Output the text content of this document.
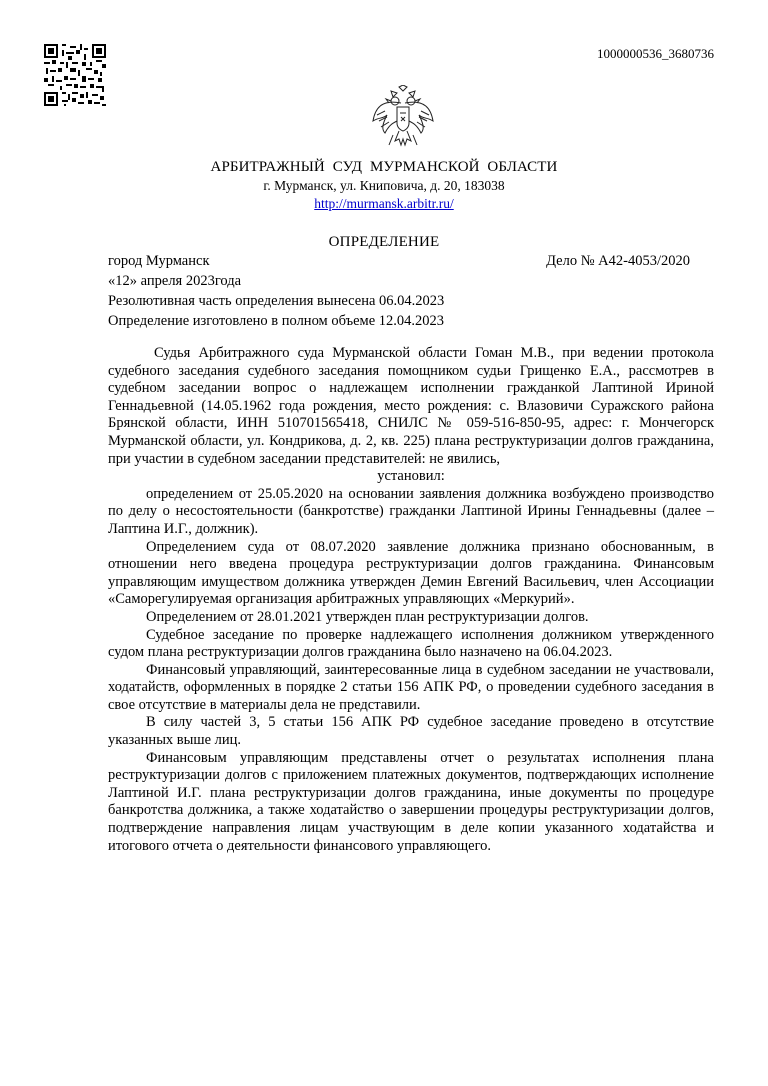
1000000536_3680736
АРБИТРАЖНЫЙ СУД МУРМАНСКОЙ ОБЛАСТИ
г. Мурманск, ул. Книповича, д. 20, 183038
http://murmansk.arbitr.ru/
ОПРЕДЕЛЕНИЕ
город Мурманск	Дело № А42-4053/2020
«12» апреля 2023года
Резолютивная часть определения вынесена 06.04.2023
Определение изготовлено в полном объеме 12.04.2023

Судья Арбитражного суда Мурманской области Гоман М.В., при ведении протокола судебного заседания судебного заседания помощником судьи Грищенко Е.А., рассмотрев в судебном заседании вопрос о надлежащем исполнении гражданкой Лаптиной Ириной Геннадьевной (14.05.1962 года рождения, место рождения: с. Влазовичи Суражского района Брянской области, ИНН 510701565418, СНИЛС № 059-516-850-95, адрес: г. Мончегорск Мурманской области, ул. Кондрикова, д. 2, кв. 225) плана реструктуризации долгов гражданина, при участии в судебном заседании представителей: не явились,

установил:

определением от 25.05.2020 на основании заявления должника возбуждено производство по делу о несостоятельности (банкротстве) гражданки Лаптиной Ирины Геннадьевны (далее – Лаптина И.Г., должник).

Определением суда от 08.07.2020 заявление должника признано обоснованным, в отношении него введена процедура реструктуризации долгов гражданина. Финансовым управляющим имуществом должника утвержден Демин Евгений Васильевич, член Ассоциации «Саморегулируемая организация арбитражных управляющих «Меркурий».

Определением от 28.01.2021 утвержден план реструктуризации долгов.

Судебное заседание по проверке надлежащего исполнения должником утвержденного судом плана реструктуризации долгов гражданина было назначено на 06.04.2023.

Финансовый управляющий, заинтересованные лица в судебном заседании не участвовали, ходатайств, оформленных в порядке 2 статьи 156 АПК РФ, о проведении судебного заседания в свое отсутствие в материалы дела не представили.

В силу частей 3, 5 статьи 156 АПК РФ судебное заседание проведено в отсутствие указанных выше лиц.

Финансовым управляющим представлены отчет о результатах исполнения плана реструктуризации долгов с приложением платежных документов, подтверждающих исполнение Лаптиной И.Г. плана реструктуризации долгов гражданина, иные документы по процедуре банкротства должника, а также ходатайство о завершении процедуры реструктуризации долгов, подтверждение направления лицам участвующим в деле копии указанного ходатайства и итогового отчета о деятельности финансового управляющего.
